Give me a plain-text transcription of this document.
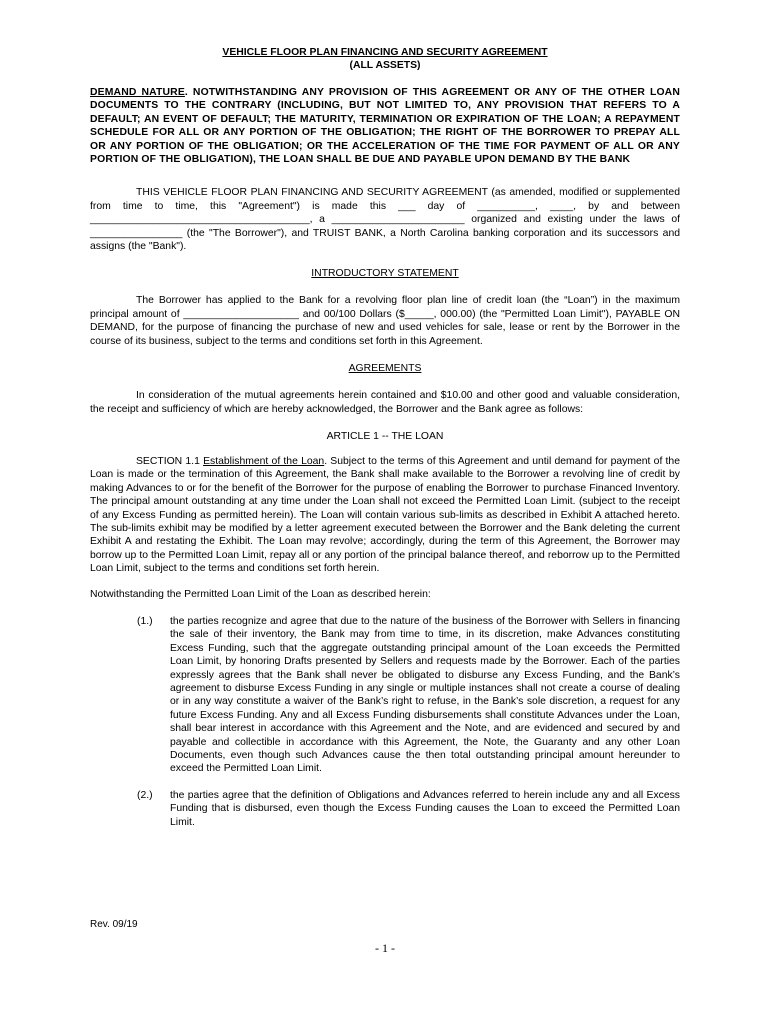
VEHICLE FLOOR PLAN FINANCING AND SECURITY AGREEMENT

(ALL ASSETS)

DEMAND NATURE. NOTWITHSTANDING ANY PROVISION OF THIS AGREEMENT OR ANY OF THE OTHER LOAN DOCUMENTS TO THE CONTRARY (INCLUDING, BUT NOT LIMITED TO, ANY PROVISION THAT REFERS TO A DEFAULT; AN EVENT OF DEFAULT; THE MATURITY, TERMINATION OR EXPIRATION OF THE LOAN; A REPAYMENT SCHEDULE FOR ALL OR ANY PORTION OF THE OBLIGATION; THE RIGHT OF THE BORROWER TO PREPAY ALL OR ANY PORTION OF THE OBLIGATION; OR THE ACCELERATION OF THE TIME FOR PAYMENT OF ALL OR ANY PORTION OF THE OBLIGATION), THE LOAN SHALL BE DUE AND PAYABLE UPON DEMAND BY THE BANK

THIS VEHICLE FLOOR PLAN FINANCING AND SECURITY AGREEMENT (as amended, modified or supplemented from time to time, this "Agreement") is made this ___ day of __________, ____, by and between ______________________________________, a _______________________ organized and existing under the laws of ________________ (the "The Borrower"), and TRUIST BANK, a North Carolina banking corporation and its successors and assigns (the "Bank").

INTRODUCTORY STATEMENT

The Borrower has applied to the Bank for a revolving floor plan line of credit loan (the “Loan”) in the maximum principal amount of ____________________ and 00/100 Dollars ($_____, 000.00) (the "Permitted Loan Limit"), PAYABLE ON DEMAND, for the purpose of financing the purchase of new and used vehicles for sale, lease or rent by the Borrower in the course of its business, subject to the terms and conditions set forth in this Agreement.

AGREEMENTS

In consideration of the mutual agreements herein contained and $10.00 and other good and valuable consideration, the receipt and sufficiency of which are hereby acknowledged, the Borrower and the Bank agree as follows:

ARTICLE 1 -- THE LOAN

SECTION 1.1 Establishment of the Loan. Subject to the terms of this Agreement and until demand for payment of the Loan is made or the termination of this Agreement, the Bank shall make available to the Borrower a revolving line of credit by making Advances to or for the benefit of the Borrower for the purpose of enabling the Borrower to purchase Financed Inventory. The principal amount outstanding at any time under the Loan shall not exceed the Permitted Loan Limit. (subject to the receipt of any Excess Funding as permitted herein). The Loan will contain various sub-limits as described in Exhibit A attached hereto. The sub-limits exhibit may be modified by a letter agreement executed between the Borrower and the Bank deleting the current Exhibit A and restating the Exhibit. The Loan may revolve; accordingly, during the term of this Agreement, the Borrower may borrow up to the Permitted Loan Limit, repay all or any portion of the principal balance thereof, and reborrow up to the Permitted Loan Limit, subject to the terms and conditions set forth herein.

Notwithstanding the Permitted Loan Limit of the Loan as described herein:

(1.)	the parties recognize and agree that due to the nature of the business of the Borrower with Sellers in financing the sale of their inventory, the Bank may from time to time, in its discretion, make Advances constituting Excess Funding, such that the aggregate outstanding principal amount of the Loan exceeds the Permitted Loan Limit, by honoring Drafts presented by Sellers and requests made by the Borrower. Each of the parties expressly agrees that the Bank shall never be obligated to disburse any Excess Funding, and the Bank’s agreement to disburse Excess Funding in any single or multiple instances shall not create a course of dealing or in any way constitute a waiver of the Bank’s right to refuse, in the Bank’s sole discretion, a request for any future Excess Funding. Any and all Excess Funding disbursements shall constitute Advances under the Loan, shall bear interest in accordance with this Agreement and the Note, and are evidenced and secured by and payable and collectible in accordance with this Agreement, the Note, the Guaranty and any other Loan Documents, even though such Advances cause the then total outstanding principal amount hereunder to exceed the Permitted Loan Limit.

(2.)	the parties agree that the definition of Obligations and Advances referred to herein include any and all Excess Funding that is disbursed, even though the Excess Funding causes the Loan to exceed the Permitted Loan Limit.

Rev. 09/19
- 1 -
